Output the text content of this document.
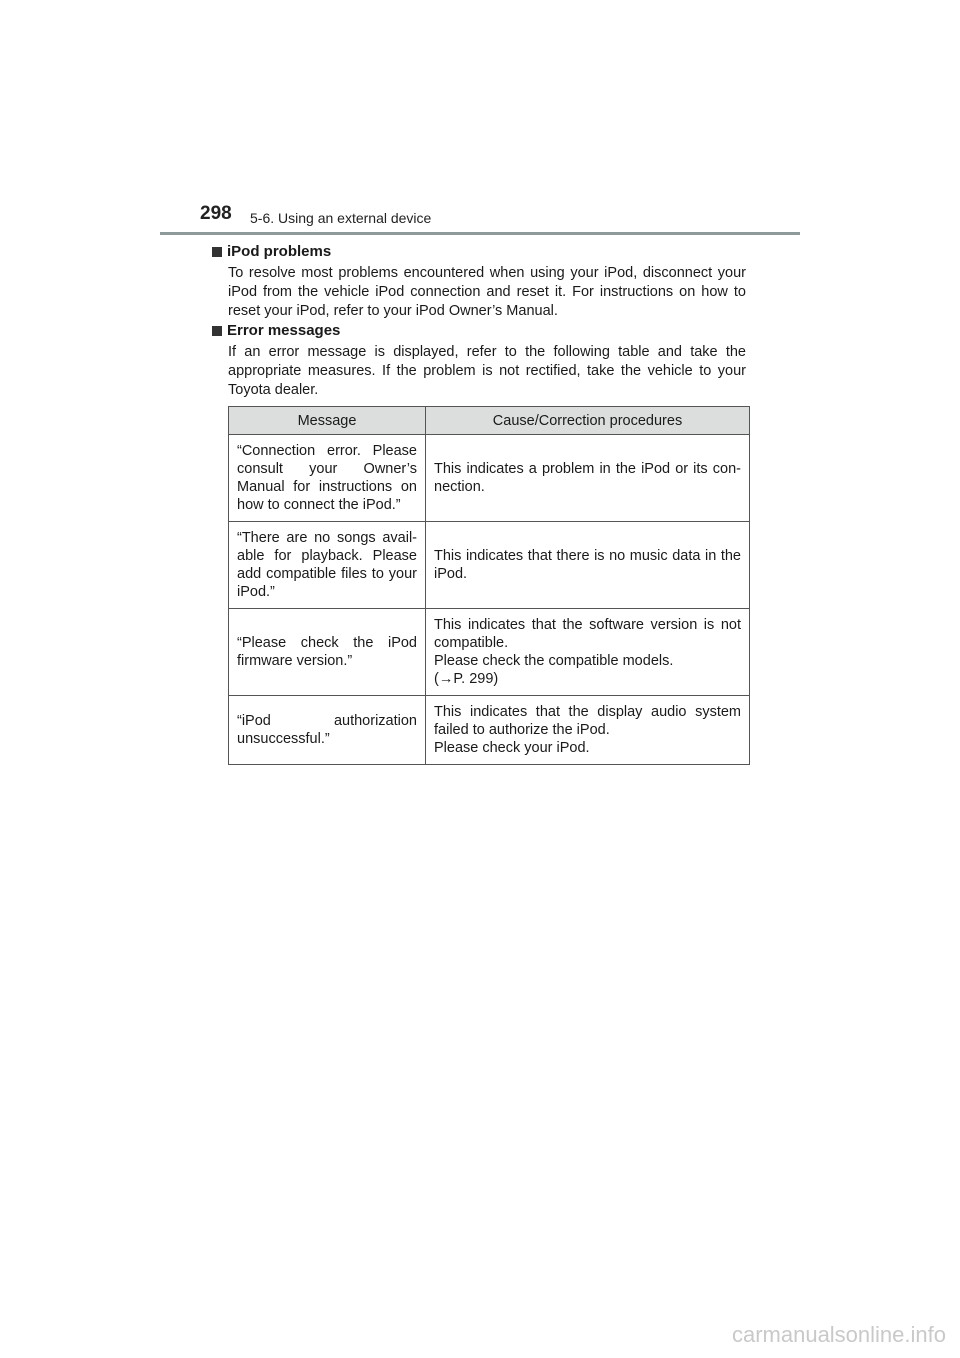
298 5-6. Using an external device
iPod problems
To resolve most problems encountered when using your iPod, disconnect your iPod from the vehicle iPod connection and reset it. For instructions on how to reset your iPod, refer to your iPod Owner’s Manual.
Error messages
If an error message is displayed, refer to the following table and take the appropriate measures. If the problem is not rectified, take the vehicle to your Toyota dealer.
Message	Cause/Correction procedures
“Connection error. Please consult your Owner’s Manual for instructions on how to connect the iPod.”	This indicates a problem in the iPod or its con-nection.

“There are no songs avail-able for playback. Please add compatible files to your iPod.”	This indicates that there is no music data in the iPod.

“Please check the iPod firmware version.”	This indicates that the software version is not compatible.
Please check the compatible models.
(→P. 299)

“iPod authorization unsuccessful.”	This indicates that the display audio system failed to authorize the iPod.
Please check your iPod.
carmanualsonline.info
